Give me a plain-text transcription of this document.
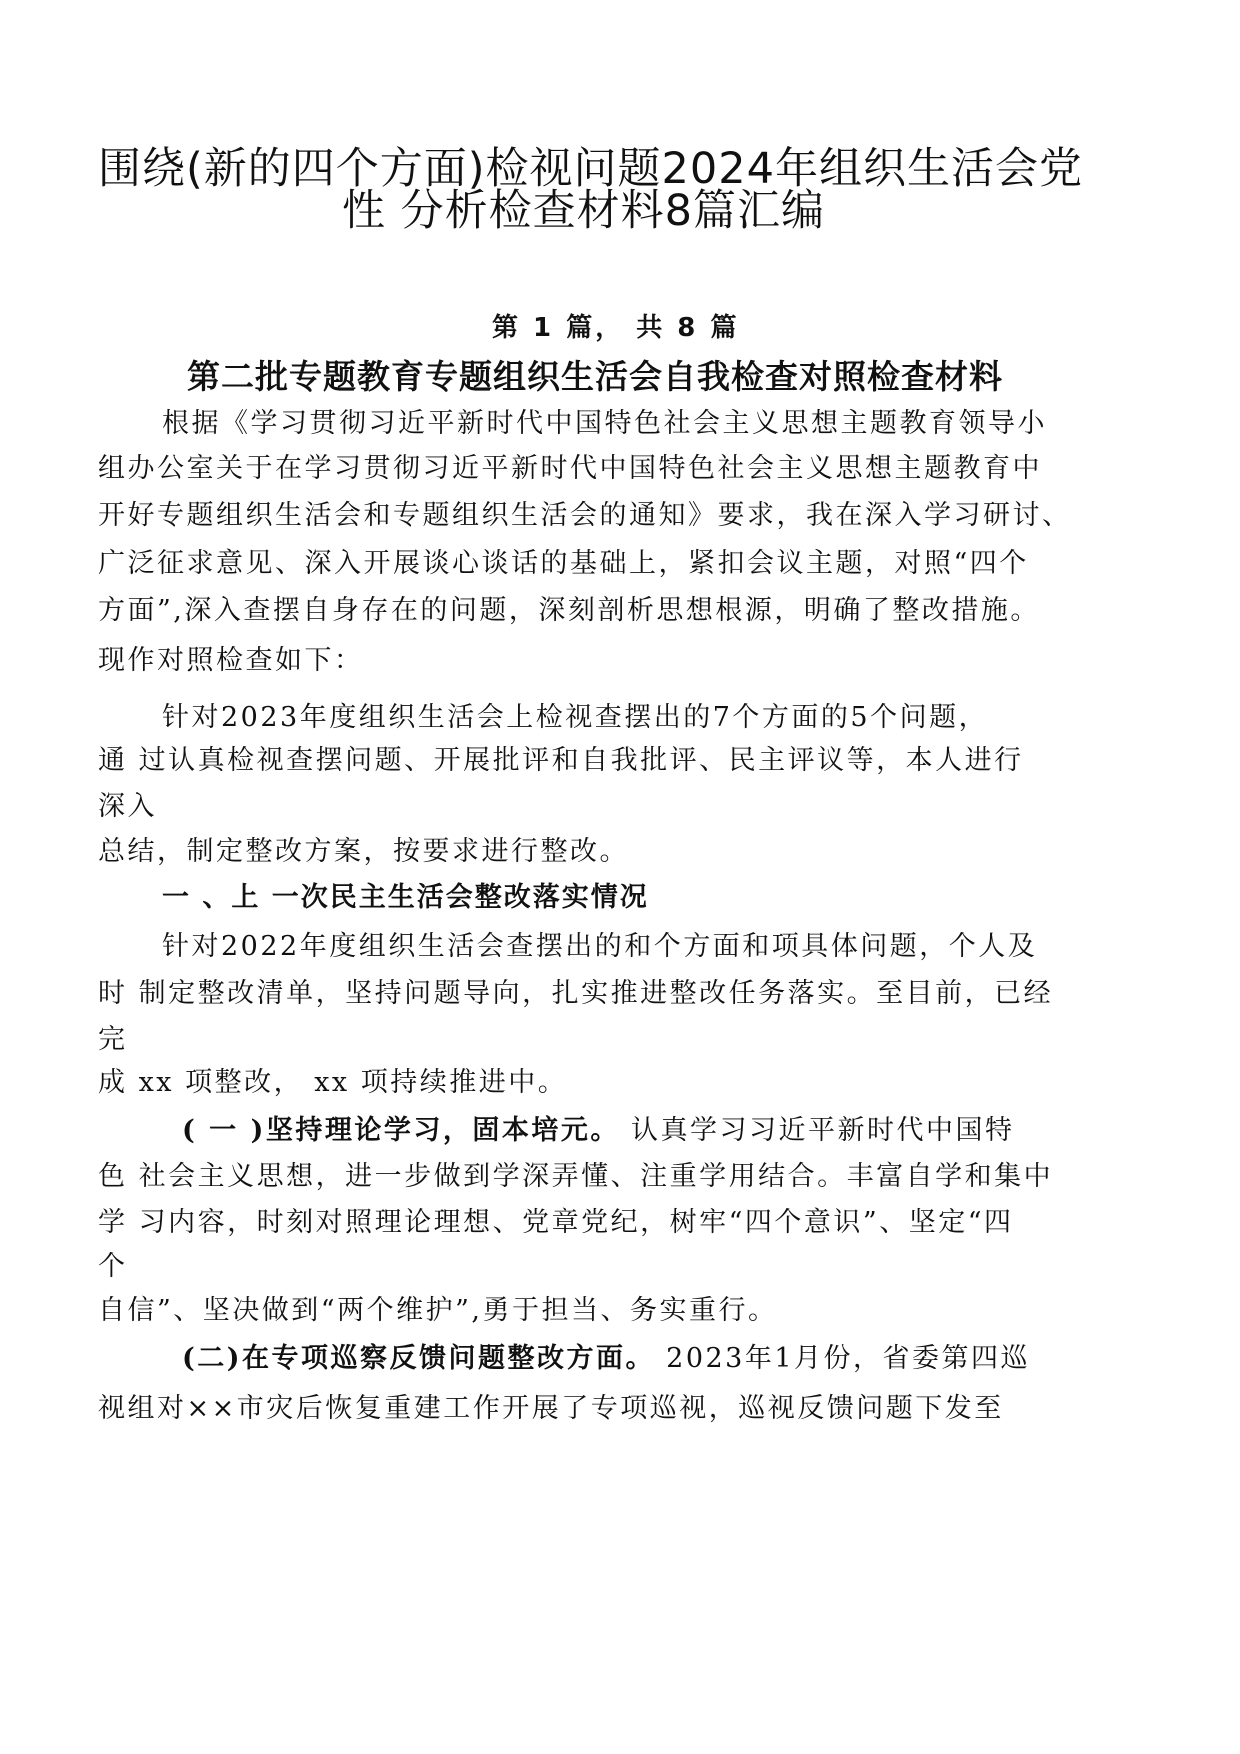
围绕(新的四个方面)检视问题2024年组织生活会党
性 分析检查材料8篇汇编
第 1 篇， 共 8 篇
第二批专题教育专题组织生活会自我检查对照检查材料
根据《学习贯彻习近平新时代中国特色社会主义思想主题教育领导小
组办公室关于在学习贯彻习近平新时代中国特色社会主义思想主题教育中
开好专题组织生活会和专题组织生活会的通知》要求，我在深入学习研讨、
广泛征求意见、深入开展谈心谈话的基础上，紧扣会议主题，对照“四个
方面”,深入查摆自身存在的问题，深刻剖析思想根源，明确了整改措施。
现作对照检查如下：
针对2023年度组织生活会上检视查摆出的7个方面的5个问题，
通 过认真检视查摆问题、开展批评和自我批评、民主评议等，本人进行
深入
总结，制定整改方案，按要求进行整改。
一 、上 一次民主生活会整改落实情况
针对2022年度组织生活会查摆出的和个方面和项具体问题，个人及
时 制定整改清单，坚持问题导向，扎实推进整改任务落实。至目前，已经
完
成 xx 项整改， xx 项持续推进中。
( 一 )坚持理论学习，固本培元。 认真学习习近平新时代中国特
色 社会主义思想，进一步做到学深弄懂、注重学用结合。丰富自学和集中
学 习内容，时刻对照理论理想、党章党纪，树牢“四个意识”、坚定“四
个
自信”、坚决做到“两个维护”,勇于担当、务实重行。
(二)在专项巡察反馈问题整改方面。 2023年1月份，省委第四巡
视组对××市灾后恢复重建工作开展了专项巡视，巡视反馈问题下发至
